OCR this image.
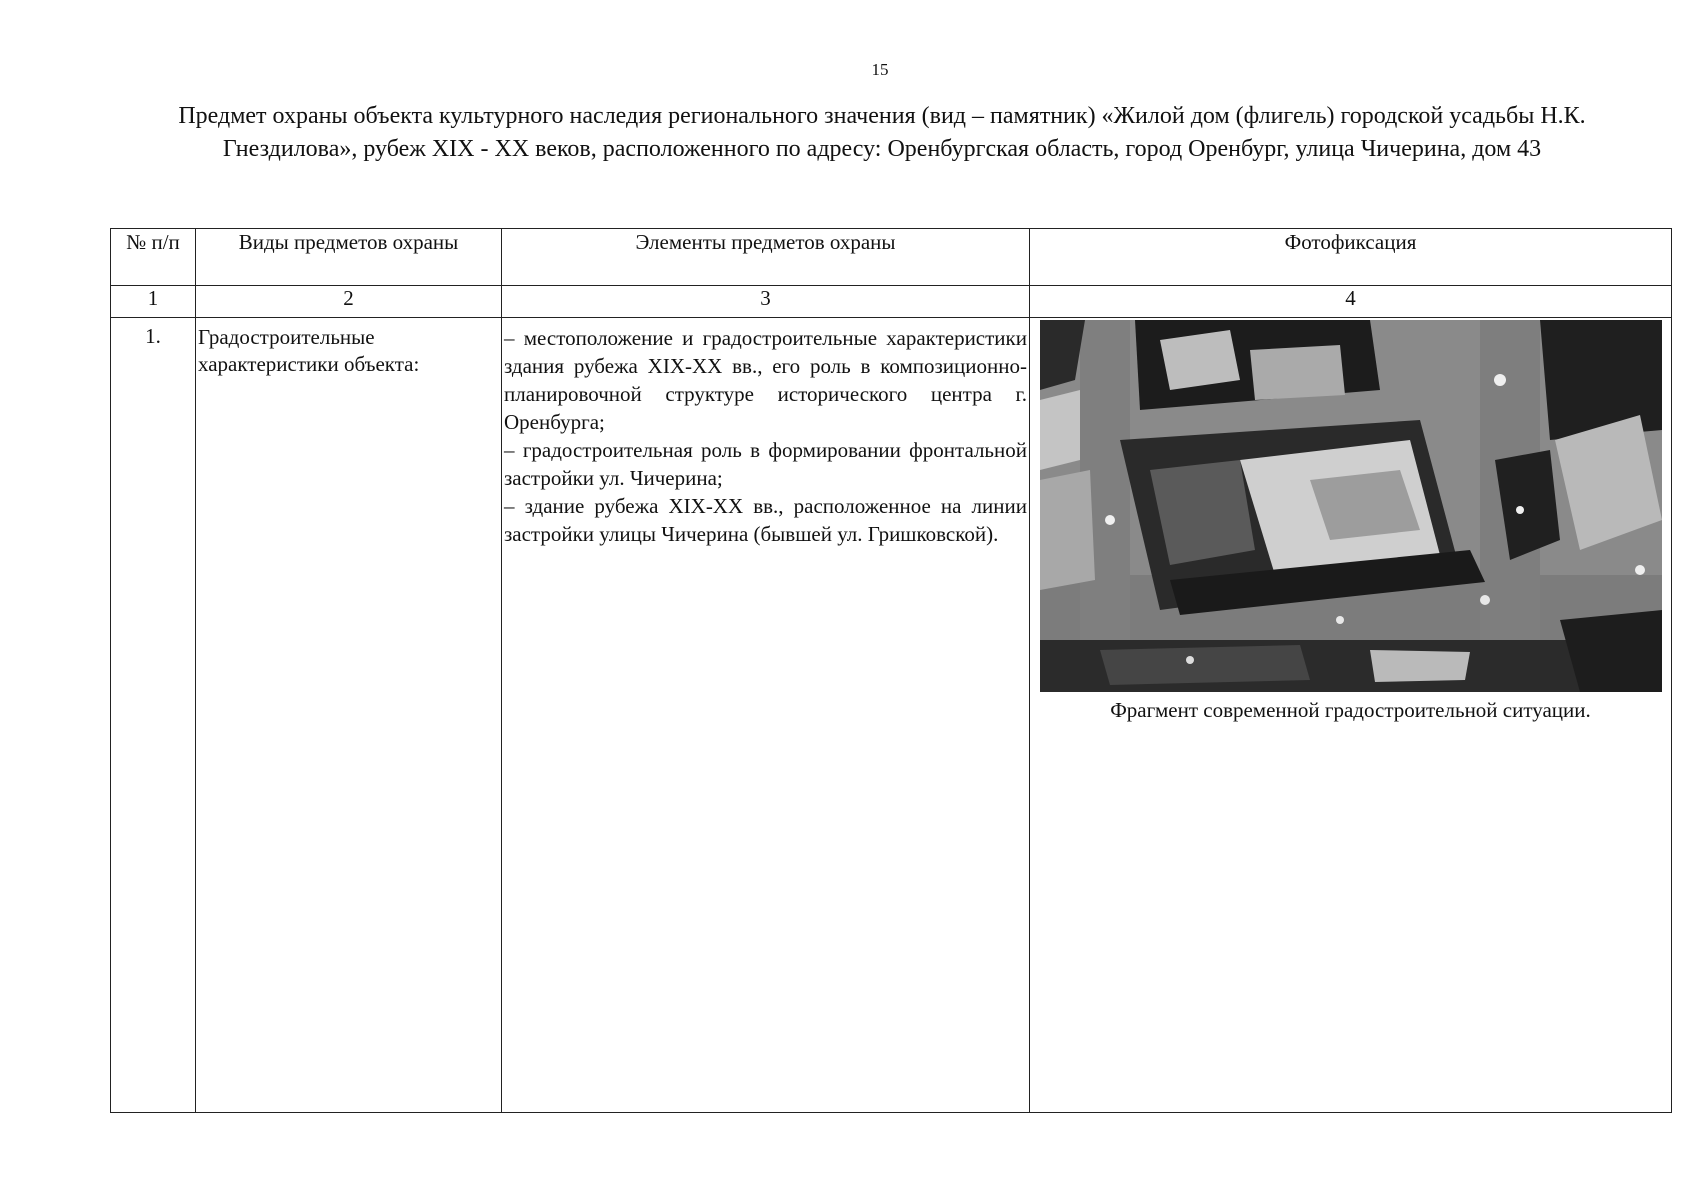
15
Предмет охраны объекта культурного наследия регионального значения (вид – памятник) «Жилой дом (флигель) городской усадьбы Н.К. Гнездилова», рубеж XIX - XX веков, расположенного по адресу: Оренбургская область, город Оренбург, улица Чичерина, дом 43
№ п/п	Виды предметов охраны	Элементы предметов охраны	Фотофиксация
1	2	3	4
1.	Градостроительные характеристики объекта:	– местоположение и градостроительные характеристики здания рубежа XIX-XX вв., его роль в композиционно-планировочной структуре исторического центра г. Оренбурга;
– градостроительная роль в формировании фронтальной застройки ул. Чичерина;
– здание рубежа XIX-XX вв., расположенное на линии застройки улицы Чичерина (бывшей ул. Гришковской).	Фрагмент современной градостроительной ситуации.
